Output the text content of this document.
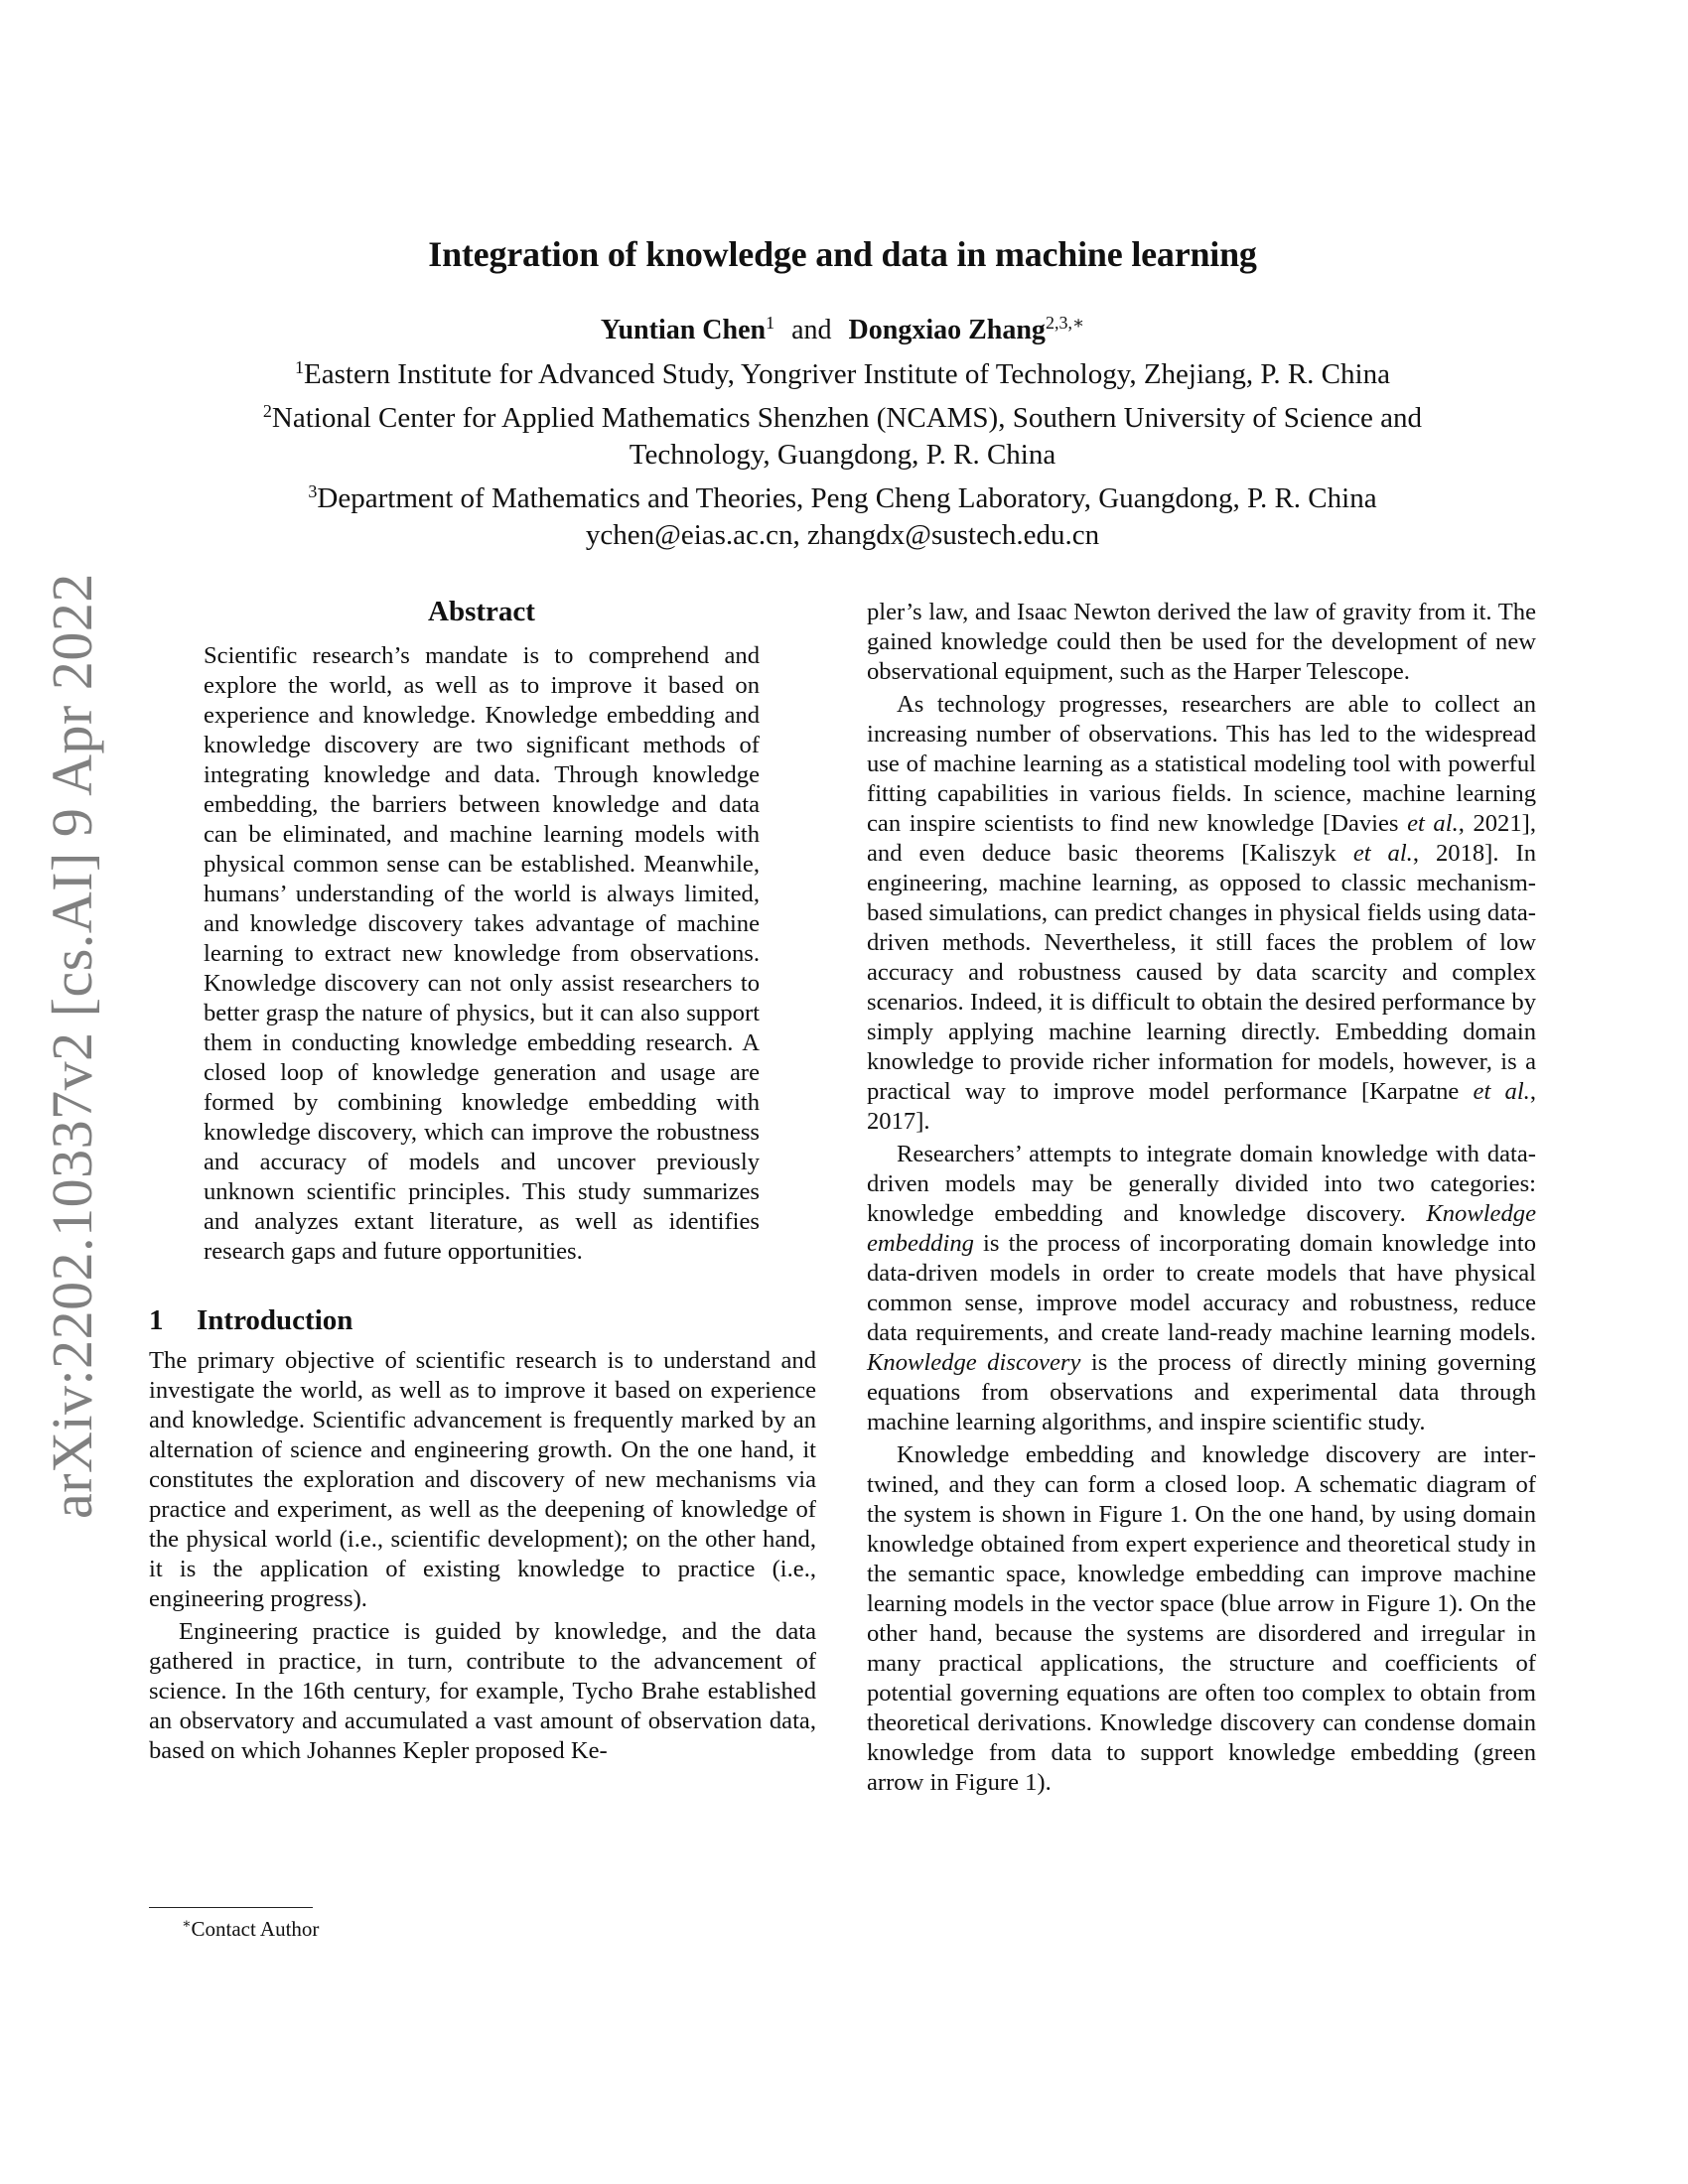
arXiv:2202.10337v2 [cs.AI] 9 Apr 2022
Integration of knowledge and data in machine learning
Yuntian Chen$^1$ and Dongxiao Zhang$^{2,3,∗}$
$^1$Eastern Institute for Advanced Study, Yongriver Institute of Technology, Zhejiang, P. R. China
$^2$National Center for Applied Mathematics Shenzhen (NCAMS), Southern University of Science and
Technology, Guangdong, P. R. China
$^3$Department of Mathematics and Theories, Peng Cheng Laboratory, Guangdong, P. R. China
ychen@eias.ac.cn, zhangdx@sustech.edu.cn
Abstract

Scientific research’s mandate is to comprehend and explore the world, as well as to improve it based on experience and knowledge. Knowledge embedding and knowledge discovery are two significant methods of integrating knowledge and data. Through knowledge embedding, the barriers between knowledge and data can be eliminated, and machine learning models with physical common sense can be established. Meanwhile, humans’ understanding of the world is always limited, and knowledge discovery takes advantage of machine learning to extract new knowledge from observations. Knowledge discovery can not only assist researchers to better grasp the nature of physics, but it can also support them in conducting knowledge embedding research. A closed loop of knowledge generation and usage are formed by combining knowledge embedding with knowledge discovery, which can improve the robustness and accuracy of models and uncover previously unknown scientific principles. This study summarizes and analyzes extant literature, as well as identifies research gaps and future opportunities.

1 Introduction

The primary objective of scientific research is to understand and investigate the world, as well as to improve it based on experience and knowledge. Scientific advancement is frequently marked by an alternation of science and engineering growth. On the one hand, it constitutes the exploration and discovery of new mechanisms via practice and experiment, as well as the deepening of knowledge of the physical world (i.e., scientific development); on the other hand, it is the application of existing knowledge to practice (i.e., engineering progress).

Engineering practice is guided by knowledge, and the data gathered in practice, in turn, contribute to the advancement of science. In the 16th century, for example, Tycho Brahe established an observatory and accumulated a vast amount of observation data, based on which Johannes Kepler proposed Ke-

∗Contact Author

pler’s law, and Isaac Newton derived the law of gravity from it. The gained knowledge could then be used for the development of new observational equipment, such as the Harper Telescope.

As technology progresses, researchers are able to collect an increasing number of observations. This has led to the widespread use of machine learning as a statistical modeling tool with powerful fitting capabilities in various fields. In science, machine learning can inspire scientists to find new knowledge [Davies et al., 2021], and even deduce basic theorems [Kaliszyk et al., 2018]. In engineering, machine learning, as opposed to classic mechanism-based simulations, can predict changes in physical fields using data-driven methods. Nevertheless, it still faces the problem of low accuracy and robustness caused by data scarcity and complex scenarios. Indeed, it is difficult to obtain the desired performance by simply applying machine learning directly. Embedding domain knowledge to provide richer information for models, however, is a practical way to improve model performance [Karpatne et al., 2017].

Researchers’ attempts to integrate domain knowledge with data-driven models may be generally divided into two categories: knowledge embedding and knowledge discovery. Knowledge embedding is the process of incorporating domain knowledge into data-driven models in order to create models that have physical common sense, improve model accuracy and robustness, reduce data requirements, and create land-ready machine learning models. Knowledge discovery is the process of directly mining governing equations from observations and experimental data through machine learning algorithms, and inspire scientific study.

Knowledge embedding and knowledge discovery are intertwined, and they can form a closed loop. A schematic diagram of the system is shown in Figure 1. On the one hand, by using domain knowledge obtained from expert experience and theoretical study in the semantic space, knowledge embedding can improve machine learning models in the vector space (blue arrow in Figure 1). On the other hand, because the systems are disordered and irregular in many practical applications, the structure and coefficients of potential governing equations are often too complex to obtain from theoretical derivations. Knowledge discovery can condense domain knowledge from data to support knowledge embedding (green arrow in Figure 1).
